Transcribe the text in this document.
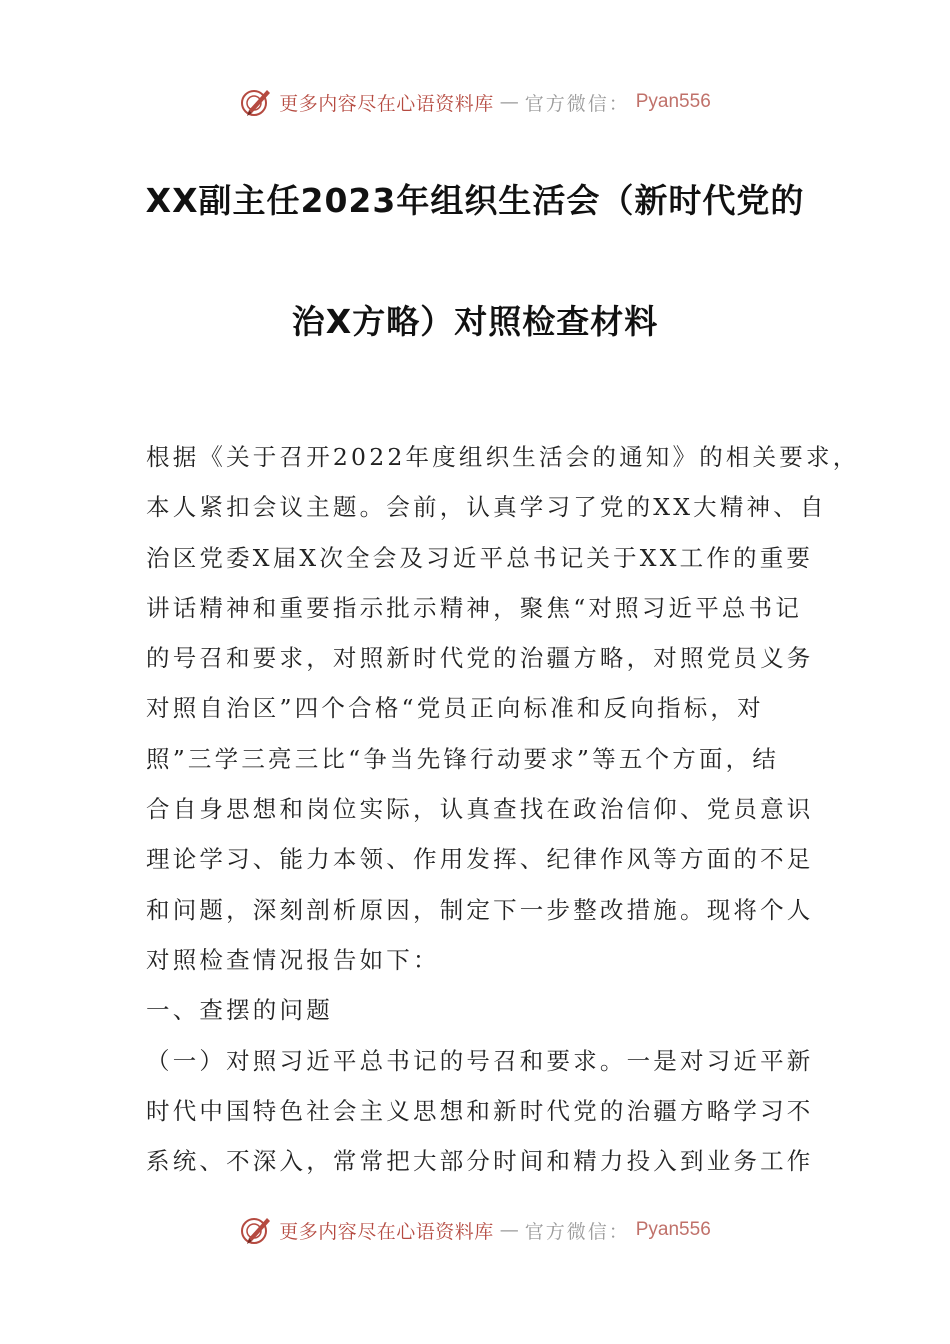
更多内容尽在心语资料库 — 官方微信： Pyan556
XX副主任2023年组织生活会（新时代党的
治X方略）对照检查材料
根据《关于召开2022年度组织生活会的通知》的相关要求，
本人紧扣会议主题。会前，认真学习了党的XX大精神、自
治区党委X届X次全会及习近平总书记关于XX工作的重要
讲话精神和重要指示批示精神，聚焦“对照习近平总书记
的号召和要求，对照新时代党的治疆方略，对照党员义务
对照自治区”四个合格“党员正向标准和反向指标，对
照”三学三亮三比“争当先锋行动要求”等五个方面，结
合自身思想和岗位实际，认真查找在政治信仰、党员意识
理论学习、能力本领、作用发挥、纪律作风等方面的不足
和问题，深刻剖析原因，制定下一步整改措施。现将个人
对照检查情况报告如下：
一、查摆的问题
（一）对照习近平总书记的号召和要求。一是对习近平新
时代中国特色社会主义思想和新时代党的治疆方略学习不
系统、不深入，常常把大部分时间和精力投入到业务工作
更多内容尽在心语资料库 — 官方微信： Pyan556
